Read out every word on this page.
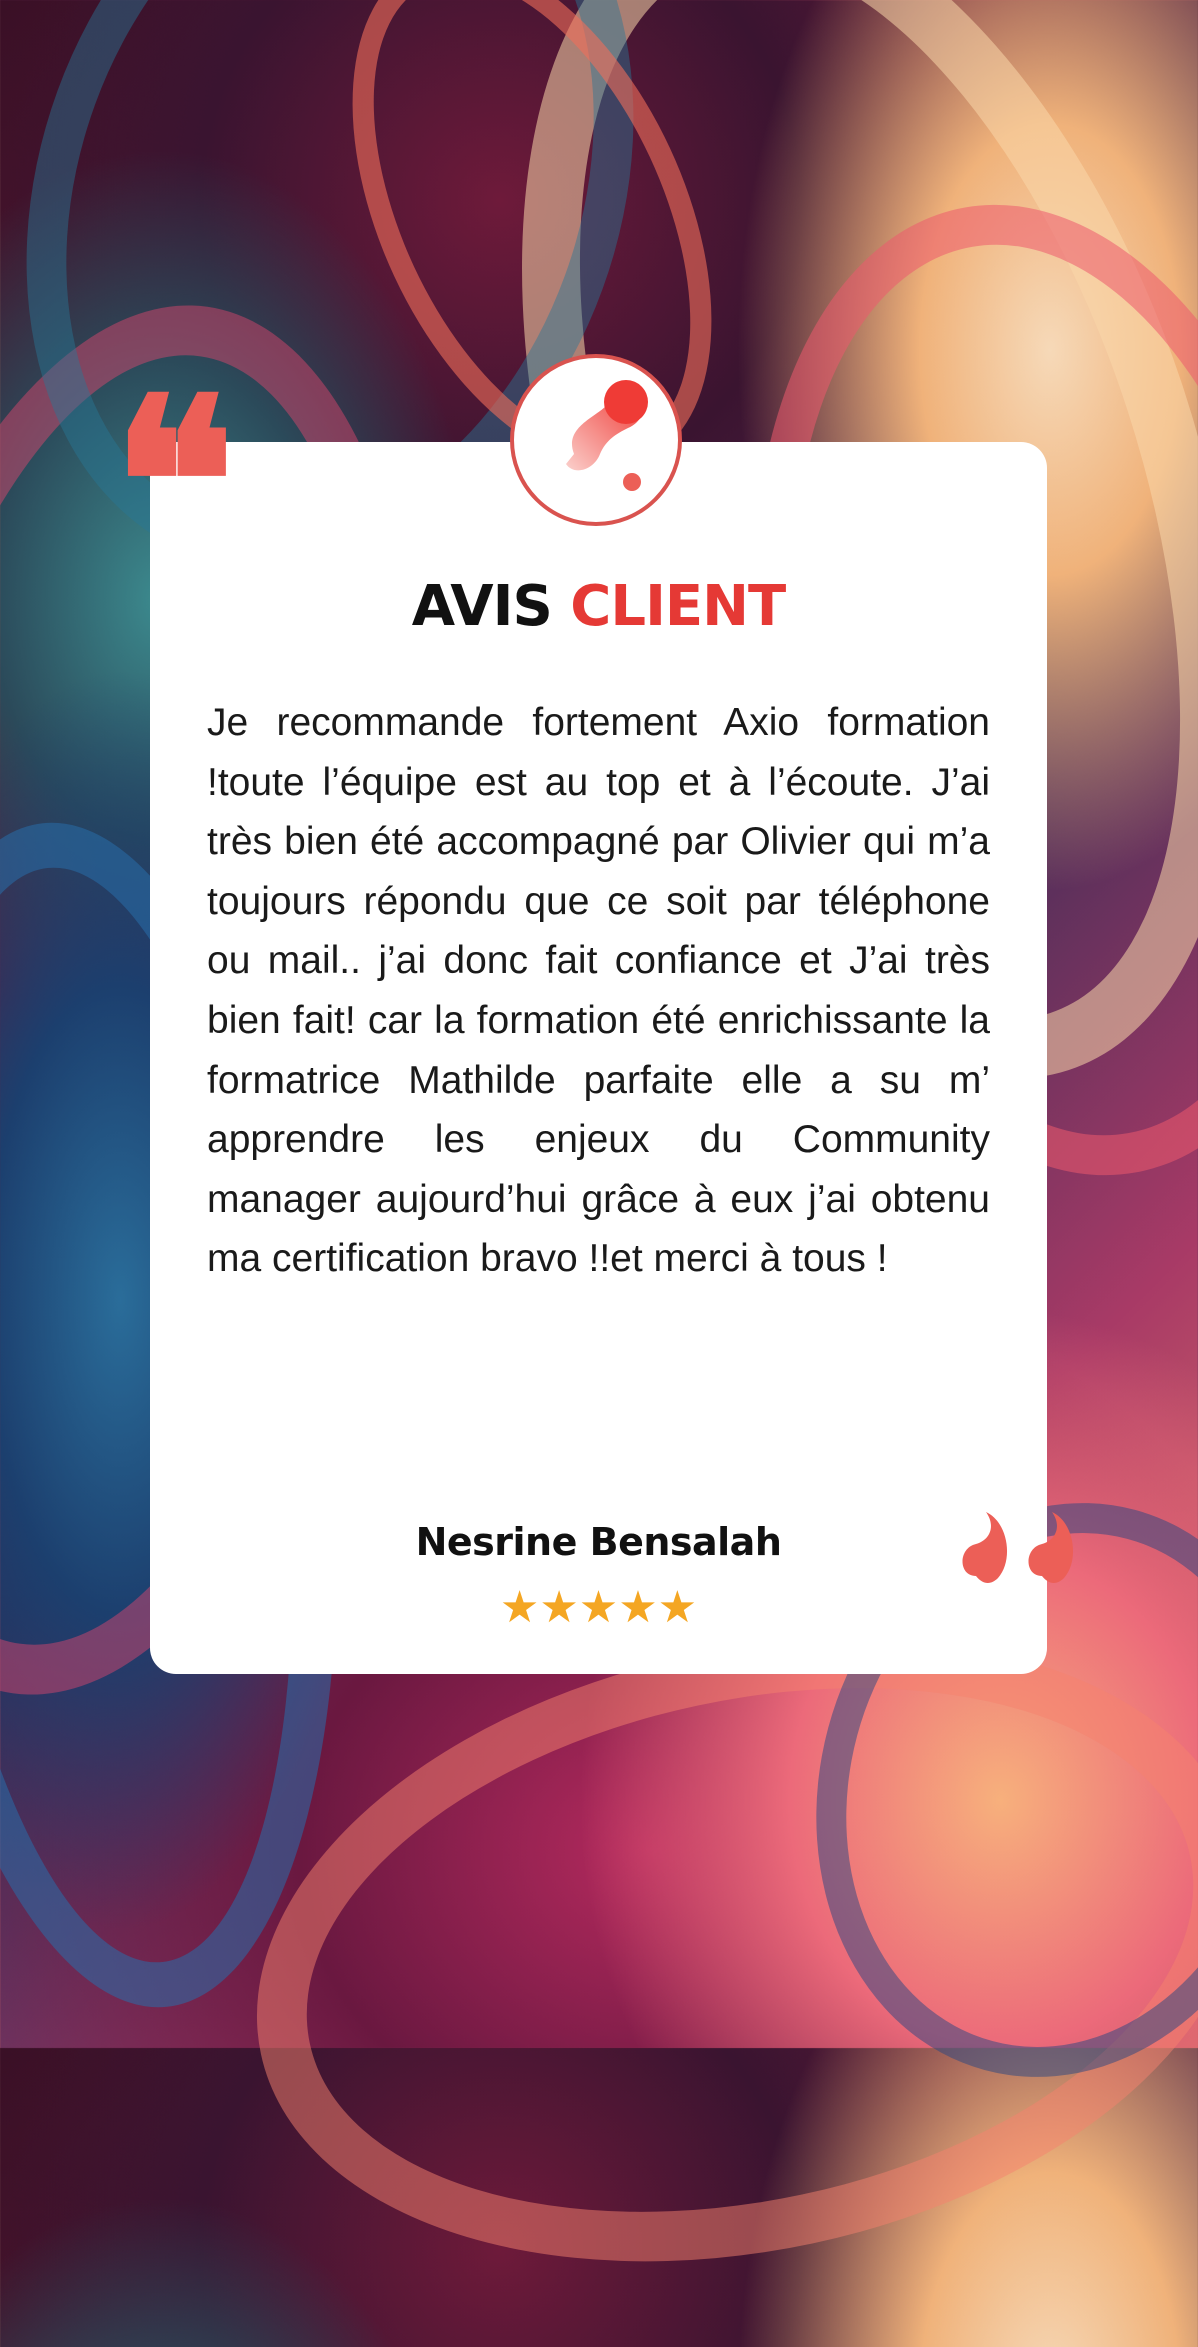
❝	AVIS CLIENT

Je recommande fortement Axio formation !toute l’équipe est au top et à l’écoute. J’ai très bien été accompagné par Olivier qui m’a toujours répondu que ce soit par téléphone ou mail.. j’ai donc fait confiance et J’ai très bien fait! car la formation été enrichissante la formatrice Mathilde parfaite elle a su m’ apprendre les enjeux du Community manager aujourd’hui grâce à eux j’ai obtenu ma certification bravo !!et merci à tous !

Nesrine Bensalah
★★★★★
